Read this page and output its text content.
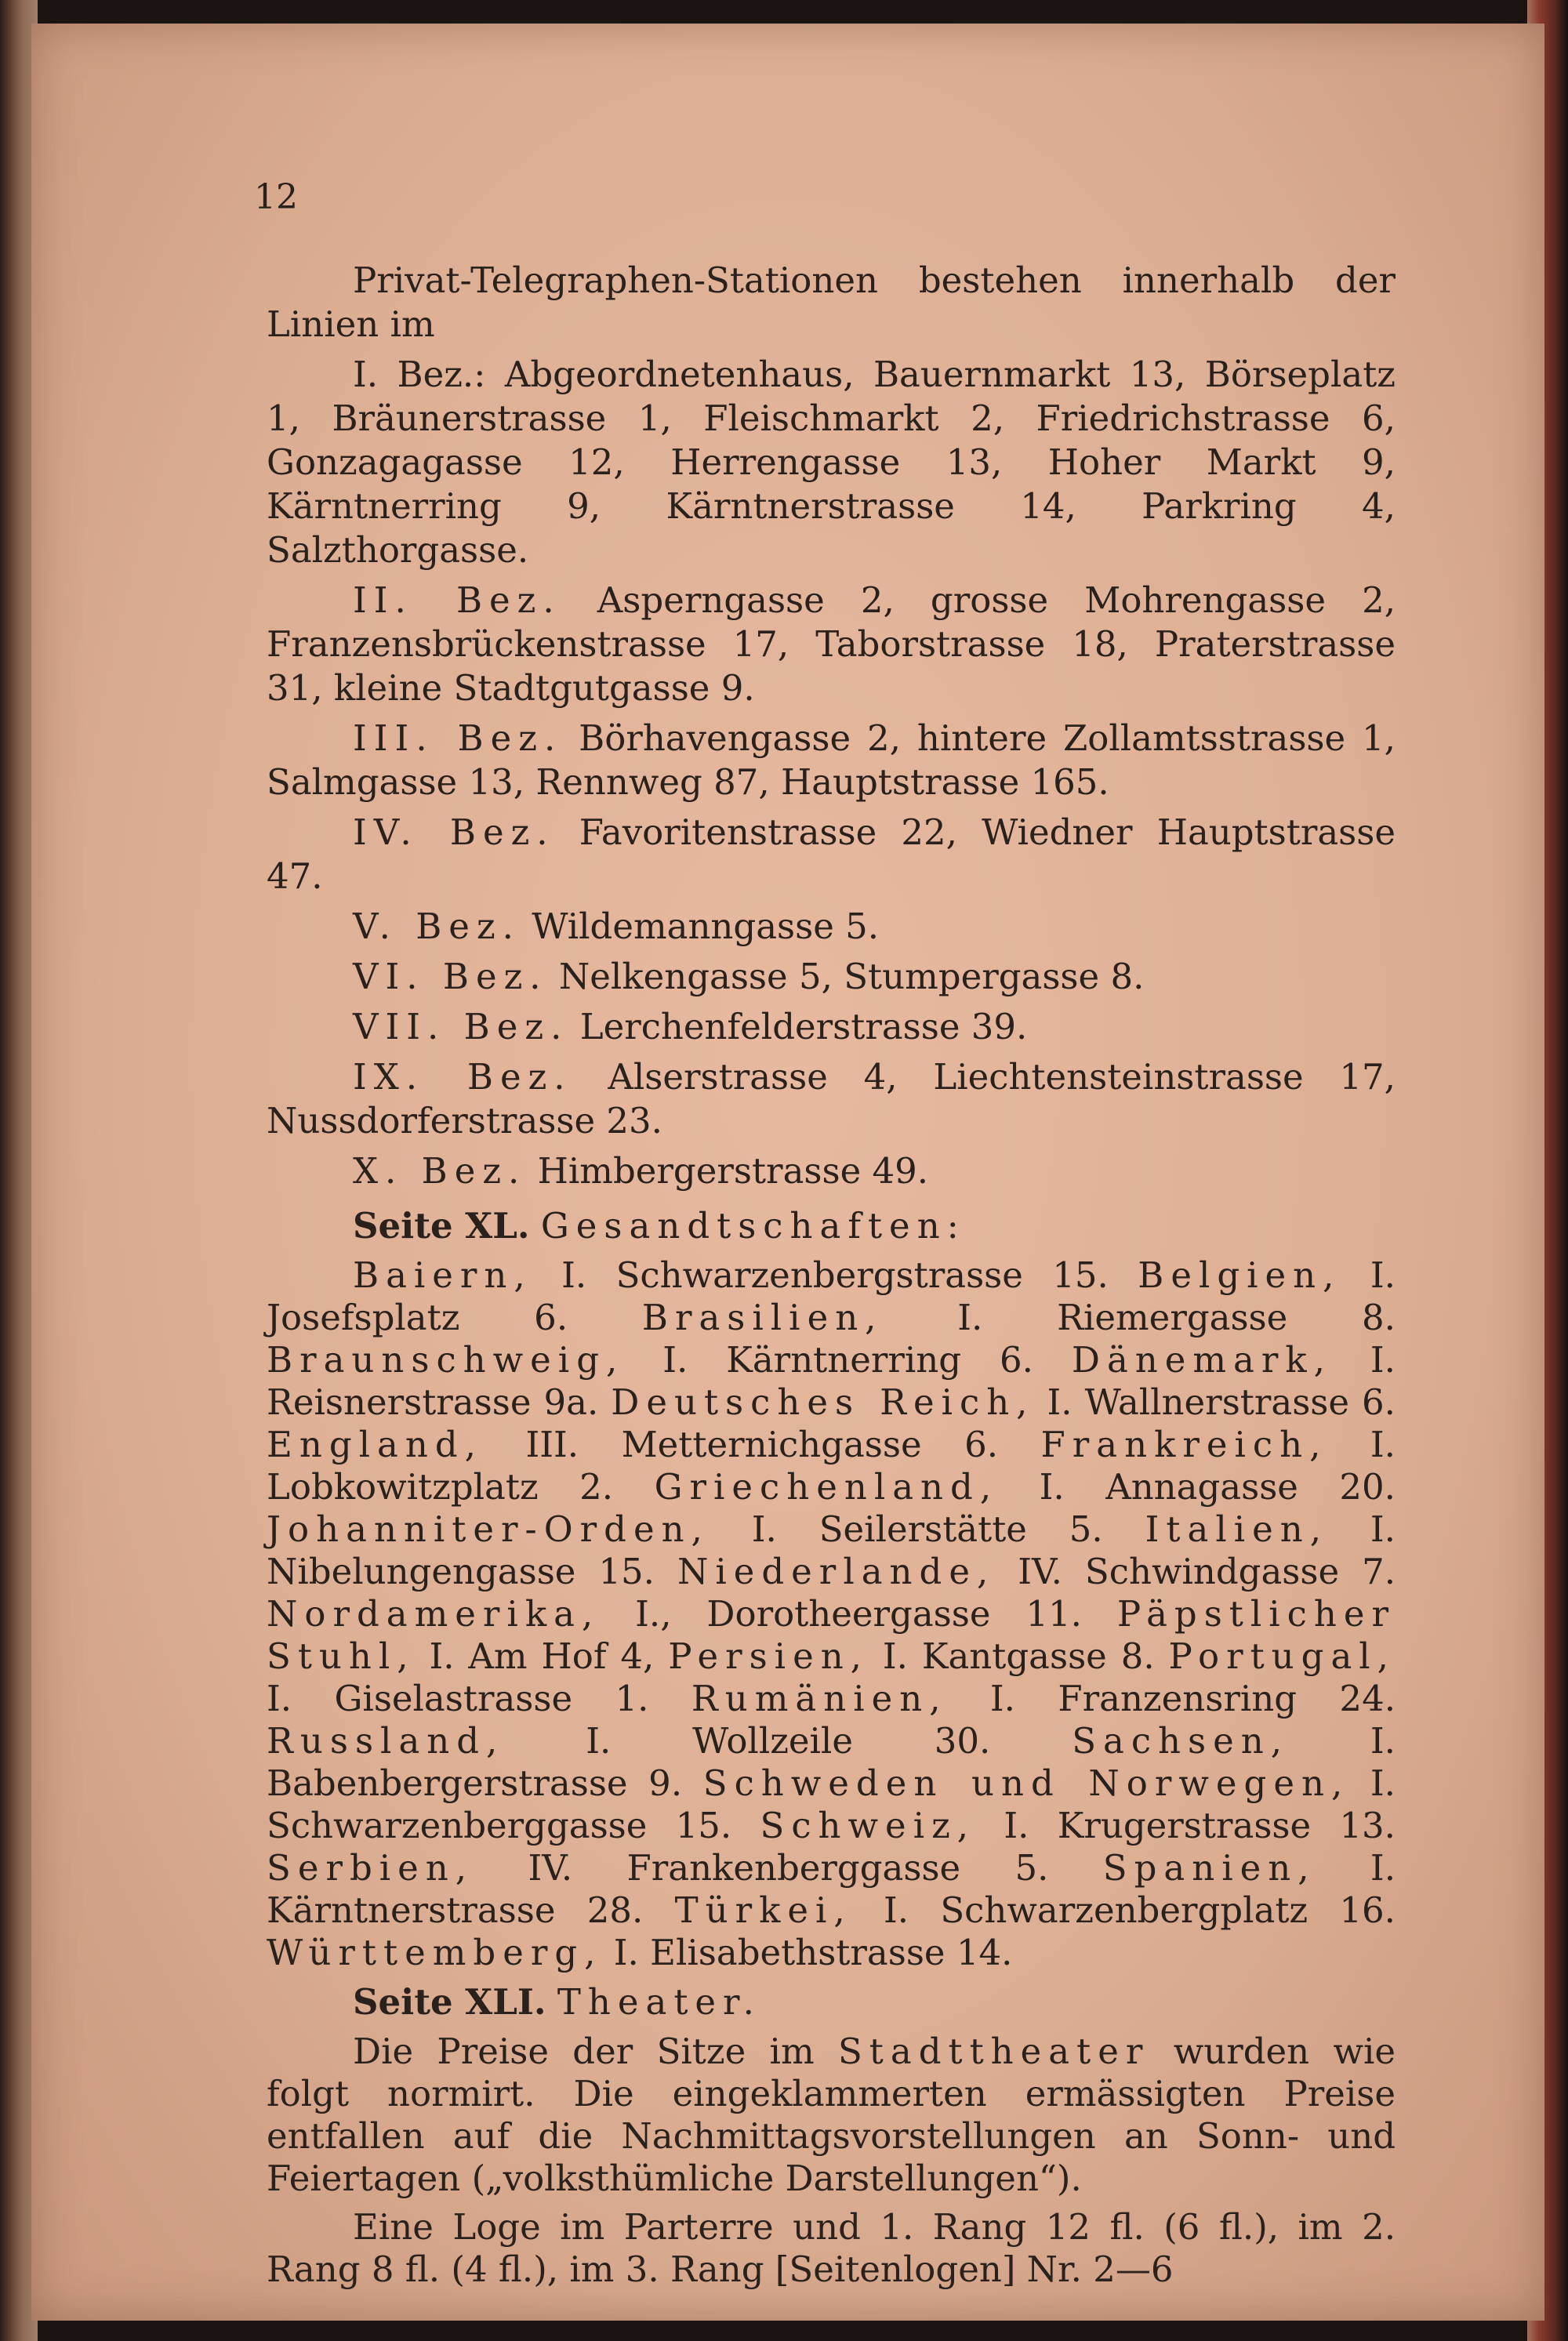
12

Privat-Telegraphen-Stationen bestehen innerhalb der Linien im

I. Bez.: Abgeordnetenhaus, Bauernmarkt 13, Börseplatz 1, Bräunerstrasse 1, Fleischmarkt 2, Friedrichstrasse 6, Gonzagagasse 12, Herrengasse 13, Hoher Markt 9, Kärntnerring 9, Kärntnerstrasse 14, Parkring 4, Salzthorgasse.

II. Bez. Asperngasse 2, grosse Mohrengasse 2, Franzensbrückenstrasse 17, Taborstrasse 18, Praterstrasse 31, kleine Stadtgutgasse 9.

III. Bez. Börhavengasse 2, hintere Zollamtsstrasse 1, Salmgasse 13, Rennweg 87, Hauptstrasse 165.

IV. Bez. Favoritenstrasse 22, Wiedner Hauptstrasse 47.

V. Bez. Wildemanngasse 5.

VI. Bez. Nelkengasse 5, Stumpergasse 8.

VII. Bez. Lerchenfelderstrasse 39.

IX. Bez. Alserstrasse 4, Liechtensteinstrasse 17, Nussdorferstrasse 23.

X. Bez. Himbergerstrasse 49.

Seite XL. Gesandtschaften:

Baiern, I. Schwarzenbergstrasse 15. Belgien, I. Josefsplatz 6. Brasilien, I. Riemergasse 8. Braunschweig, I. Kärntnerring 6. Dänemark, I. Reisnerstrasse 9a. Deutsches Reich, I. Wallnerstrasse 6. England, III. Metternichgasse 6. Frankreich, I. Lobkowitzplatz 2. Griechenland, I. Annagasse 20. Johanniter-Orden, I. Seilerstätte 5. Italien, I. Nibelungengasse 15. Niederlande, IV. Schwindgasse 7. Nordamerika, I., Dorotheergasse 11. Päpstlicher Stuhl, I. Am Hof 4, Persien, I. Kantgasse 8. Portugal, I. Giselastrasse 1. Rumänien, I. Franzensring 24. Russland, I. Wollzeile 30. Sachsen, I. Babenbergerstrasse 9. Schweden und Norwegen, I. Schwarzenberggasse 15. Schweiz, I. Krugerstrasse 13. Serbien, IV. Frankenberggasse 5. Spanien, I. Kärntnerstrasse 28. Türkei, I. Schwarzenbergplatz 16. Württemberg, I. Elisabethstrasse 14.

Seite XLI. Theater.

Die Preise der Sitze im Stadttheater wurden wie folgt normirt. Die eingeklammerten ermässigten Preise entfallen auf die Nachmittagsvorstellungen an Sonn- und Feiertagen („volksthümliche Darstellungen“).

Eine Loge im Parterre und 1. Rang 12 fl. (6 fl.), im 2. Rang 8 fl. (4 fl.), im 3. Rang [Seitenlogen] Nr. 2—6
